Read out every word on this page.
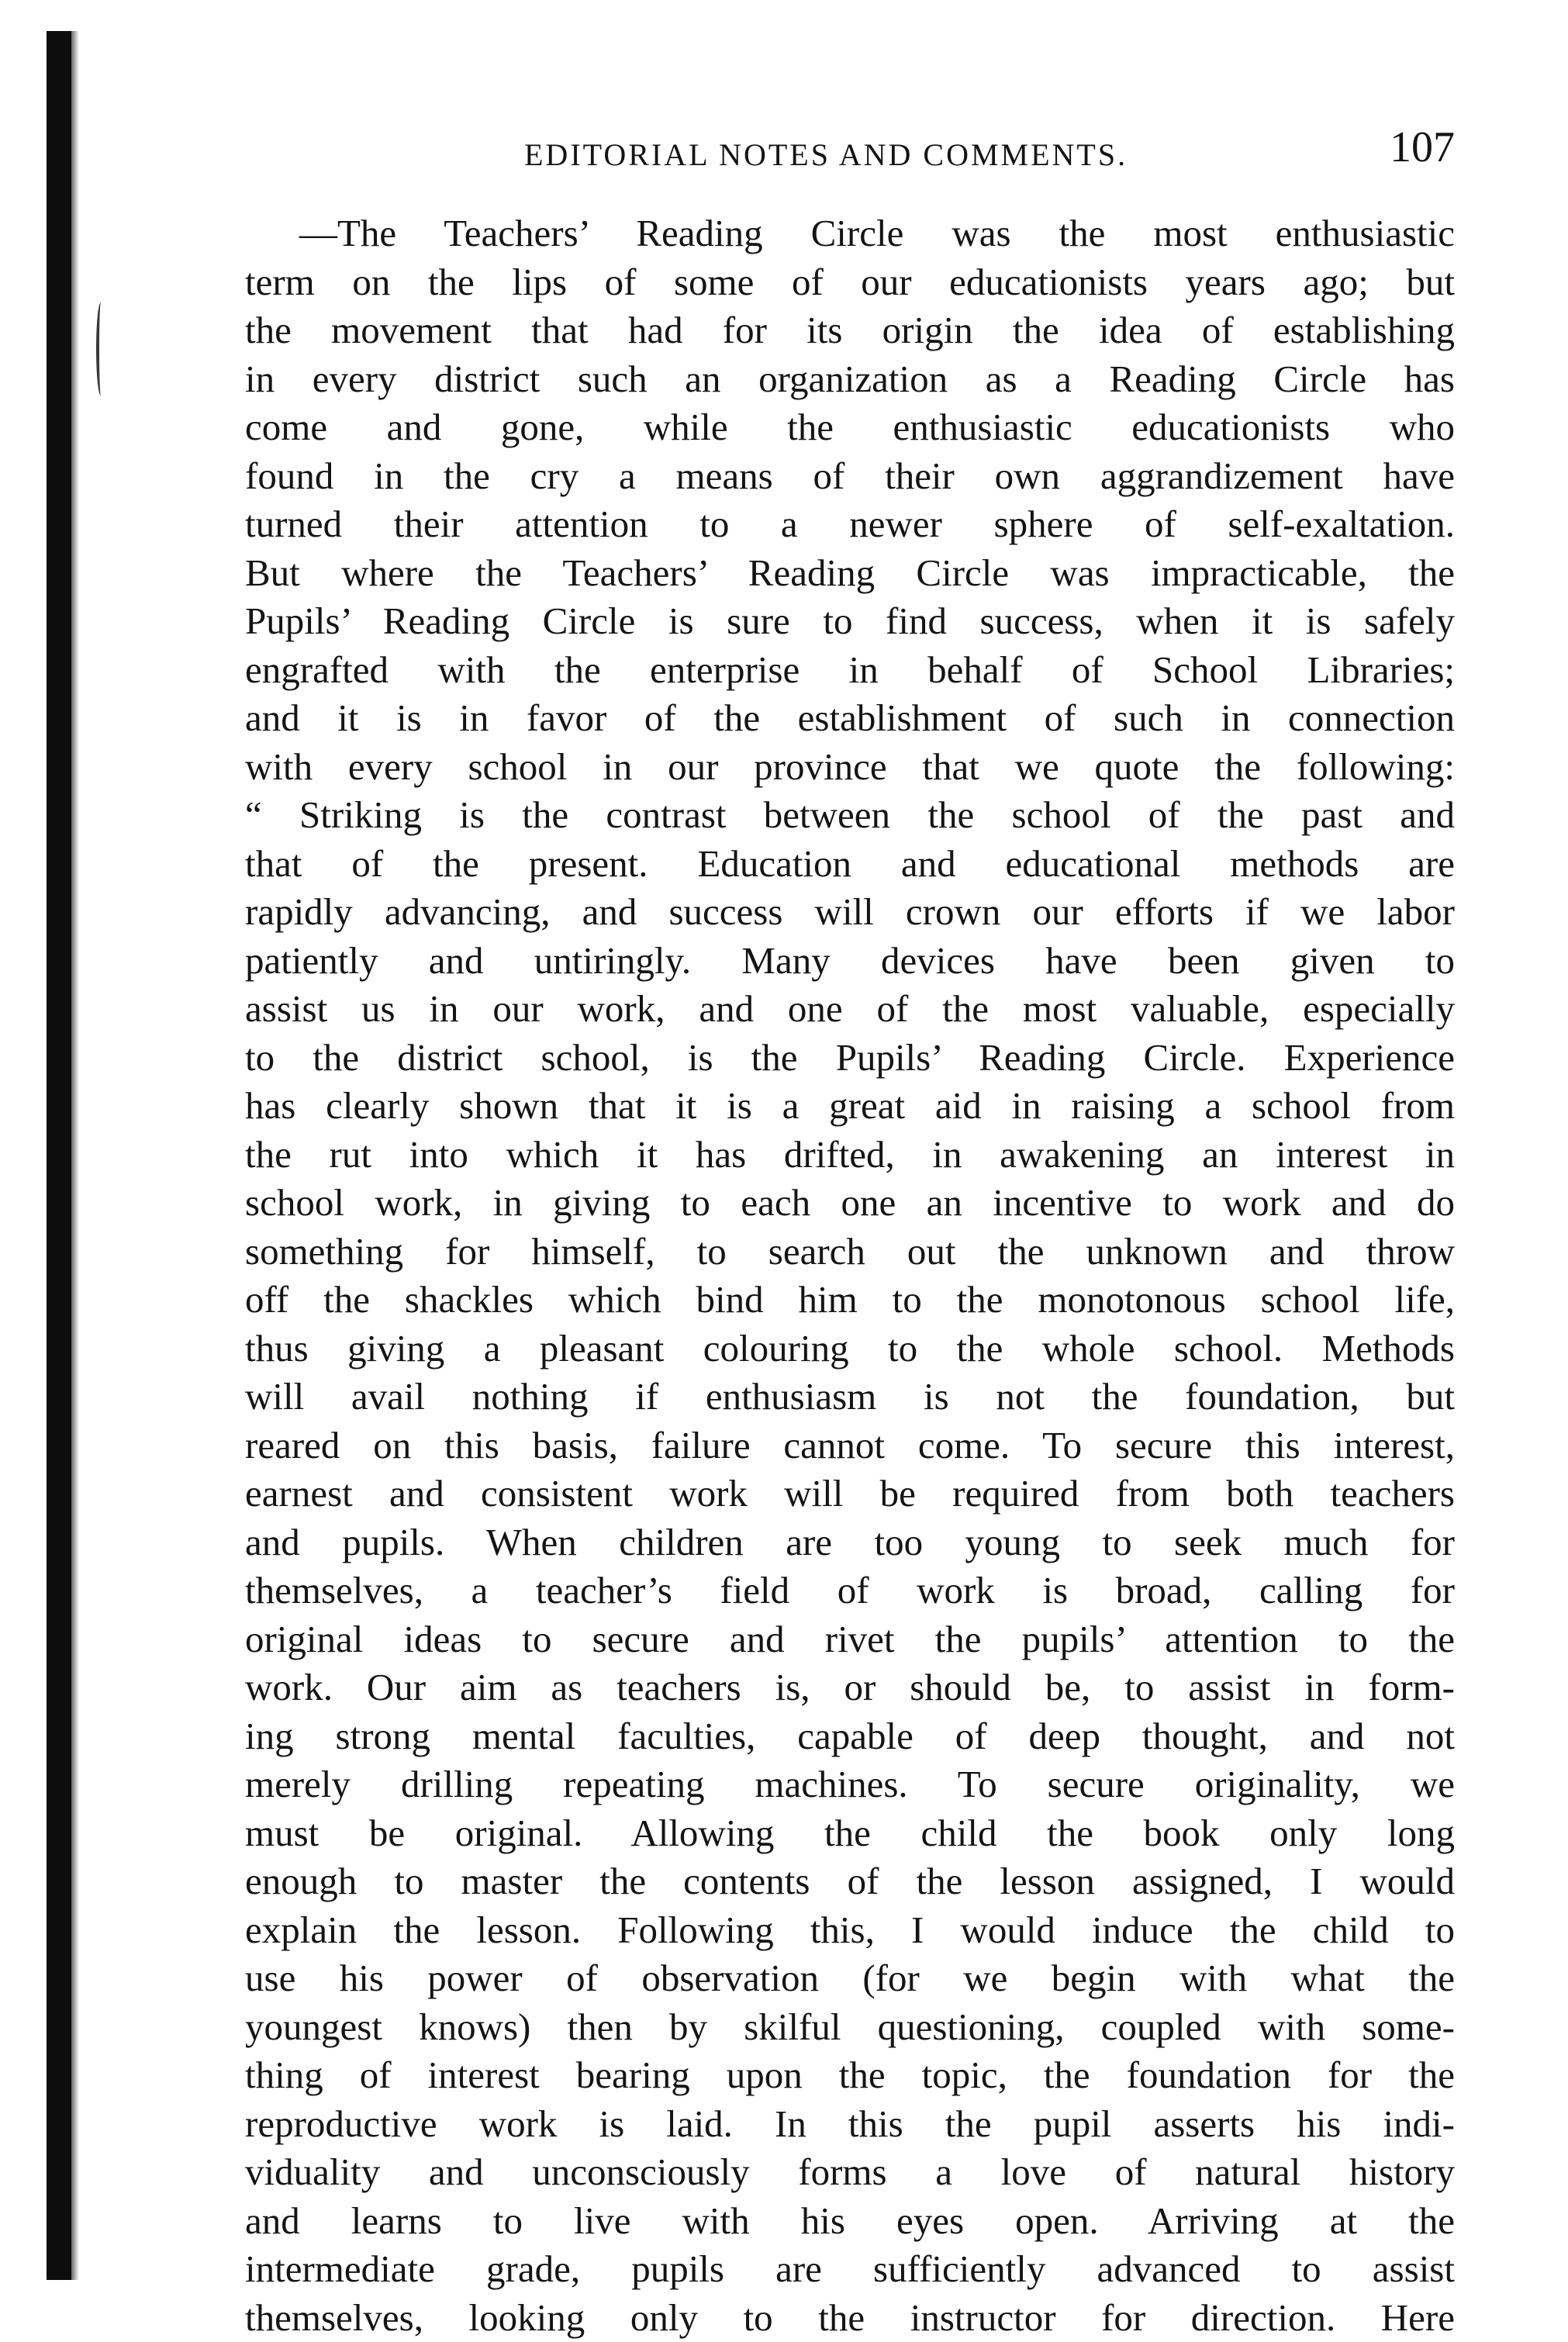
EDITORIAL NOTES AND COMMENTS.	107
—The Teachers’ Reading Circle was the most enthusiastic
term on the lips of some of our educationists years ago; but
the movement that had for its origin the idea of establishing
in every district such an organization as a Reading Circle has
come and gone, while the enthusiastic educationists who
found in the cry a means of their own aggrandizement have
turned their attention to a newer sphere of self-exaltation.
But where the Teachers’ Reading Circle was impracticable, the
Pupils’ Reading Circle is sure to find success, when it is safely
engrafted with the enterprise in behalf of School Libraries;
and it is in favor of the establishment of such in connection
with every school in our province that we quote the following:
“ Striking is the contrast between the school of the past and
that of the present. Education and educational methods are
rapidly advancing, and success will crown our efforts if we labor
patiently and untiringly. Many devices have been given to
assist us in our work, and one of the most valuable, especially
to the district school, is the Pupils’ Reading Circle. Experience
has clearly shown that it is a great aid in raising a school from
the rut into which it has drifted, in awakening an interest in
school work, in giving to each one an incentive to work and do
something for himself, to search out the unknown and throw
off the shackles which bind him to the monotonous school life,
thus giving a pleasant colouring to the whole school. Methods
will avail nothing if enthusiasm is not the foundation, but
reared on this basis, failure cannot come. To secure this interest,
earnest and consistent work will be required from both teachers
and pupils. When children are too young to seek much for
themselves, a teacher’s field of work is broad, calling for
original ideas to secure and rivet the pupils’ attention to the
work. Our aim as teachers is, or should be, to assist in form-
ing strong mental faculties, capable of deep thought, and not
merely drilling repeating machines. To secure originality, we
must be original. Allowing the child the book only long
enough to master the contents of the lesson assigned, I would
explain the lesson. Following this, I would induce the child to
use his power of observation (for we begin with what the
youngest knows) then by skilful questioning, coupled with some-
thing of interest bearing upon the topic, the foundation for the
reproductive work is laid. In this the pupil asserts his indi-
viduality and unconsciously forms a love of natural history
and learns to live with his eyes open. Arriving at the
intermediate grade, pupils are sufficiently advanced to assist
themselves, looking only to the instructor for direction. Here
